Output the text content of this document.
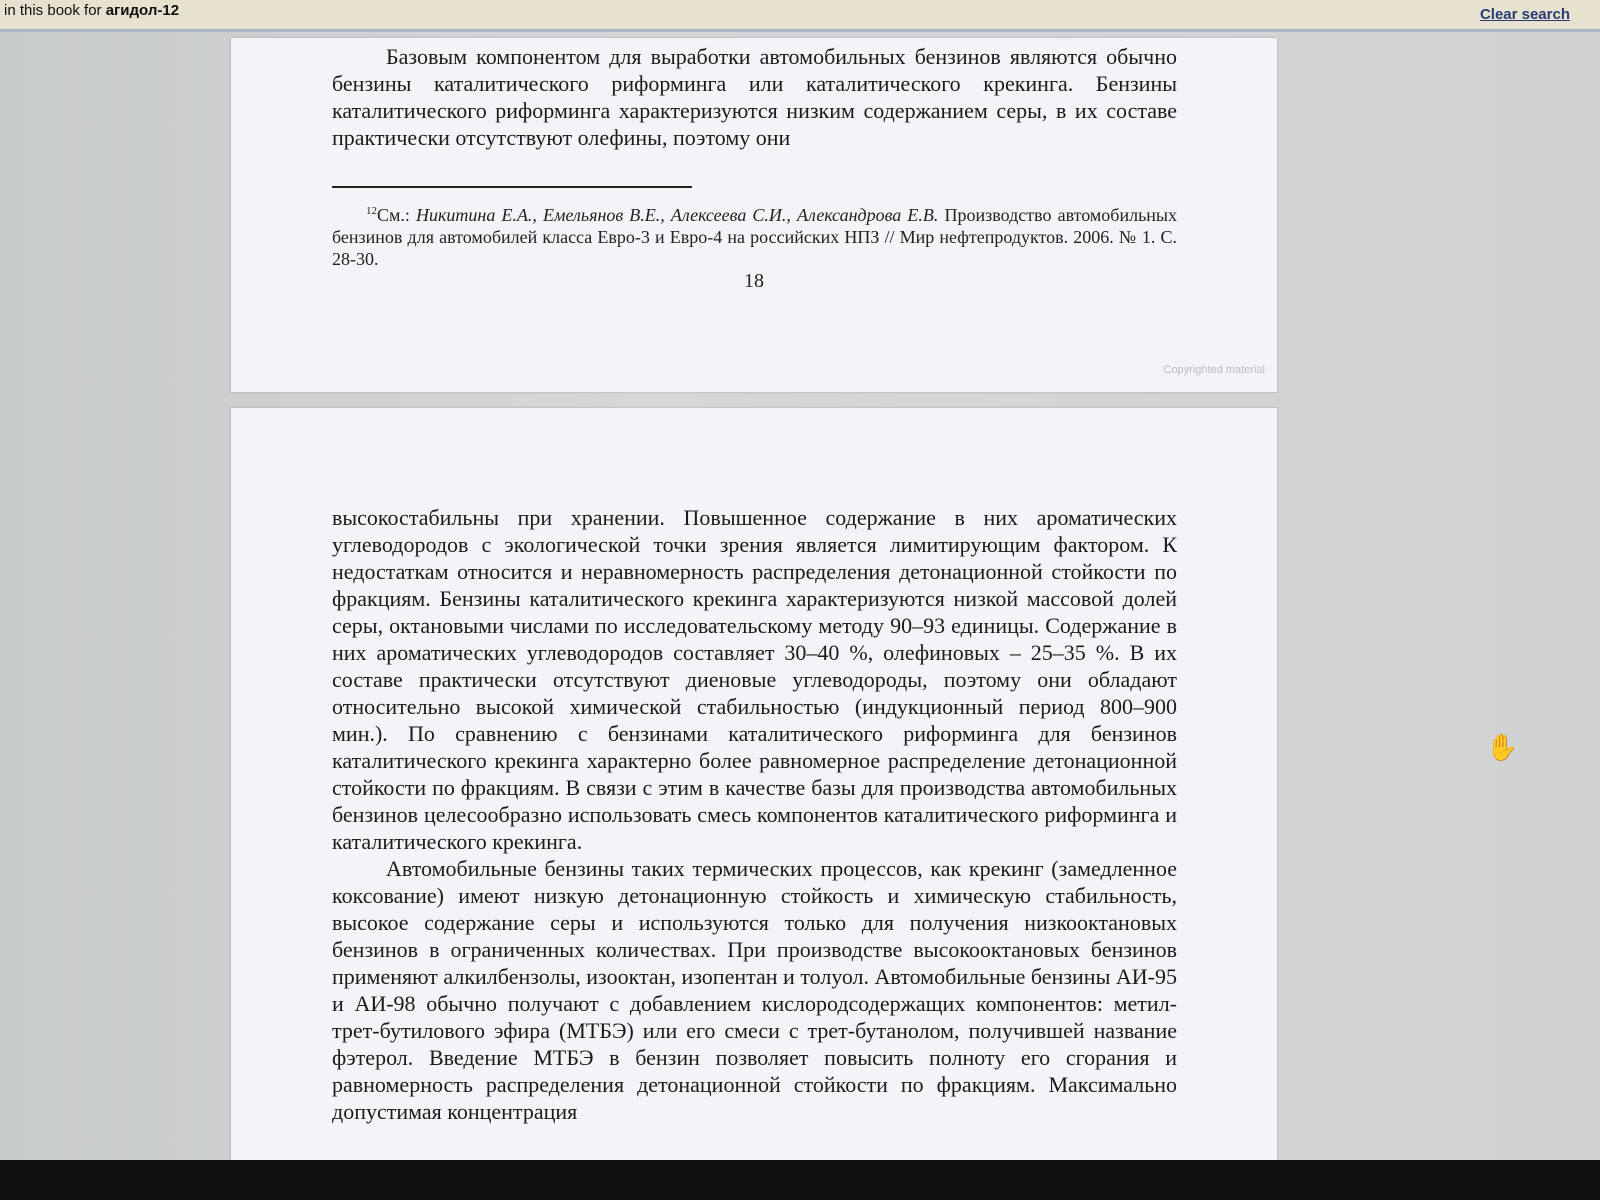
in this book for агидол-12	Clear search

Базовым компонентом для выработки автомобильных бензинов являются обычно бензины каталитического риформинга или каталитического крекинга. Бензины каталитического риформинга характеризуются низким содержанием серы, в их составе практически отсутствуют олефины, поэтому они

$^{12}$См.: Никитина Е.А., Емельянов В.Е., Алексеева С.И., Александрова Е.В. Производство автомобильных бензинов для автомобилей класса Евро-3 и Евро-4 на российских НПЗ // Мир нефтепродуктов. 2006. № 1. С. 28-30.
18
Copyrighted material

высокостабильны при хранении. Повышенное содержание в них ароматических углеводородов с экологической точки зрения является лимитирующим фактором. К недостаткам относится и неравномерность распределения детонационной стойкости по фракциям. Бензины каталитического крекинга характеризуются низкой массовой долей серы, октановыми числами по исследовательскому методу 90–93 единицы. Содержание в них ароматических углеводородов составляет 30–40 %, олефиновых – 25–35 %. В их составе практически отсутствуют диеновые углеводороды, поэтому они обладают относительно высокой химической стабильностью (индукционный период 800–900 мин.). По сравнению с бензинами каталитического риформинга для бензинов каталитического крекинга характерно более равномерное распределение детонационной стойкости по фракциям. В связи с этим в качестве базы для производства автомобильных бензинов целесообразно использовать смесь компонентов каталитического риформинга и каталитического крекинга.

Автомобильные бензины таких термических процессов, как крекинг (замедленное коксование) имеют низкую детонационную стойкость и химическую стабильность, высокое содержание серы и используются только для получения низкооктановых бензинов в ограниченных количествах. При производстве высокооктановых бензинов применяют алкилбензолы, изооктан, изопентан и толуол. Автомобильные бензины АИ-95 и АИ-98 обычно получают с добавлением кислородсодержащих компонентов: метил-трет-бутилового эфира (МТБЭ) или его смеси с трет-бутанолом, получившей название фэтерол. Введение МТБЭ в бензин позволяет повысить полноту его сгорания и равномерность распределения детонационной стойкости по фракциям. Максимально допустимая концентрация

✋
